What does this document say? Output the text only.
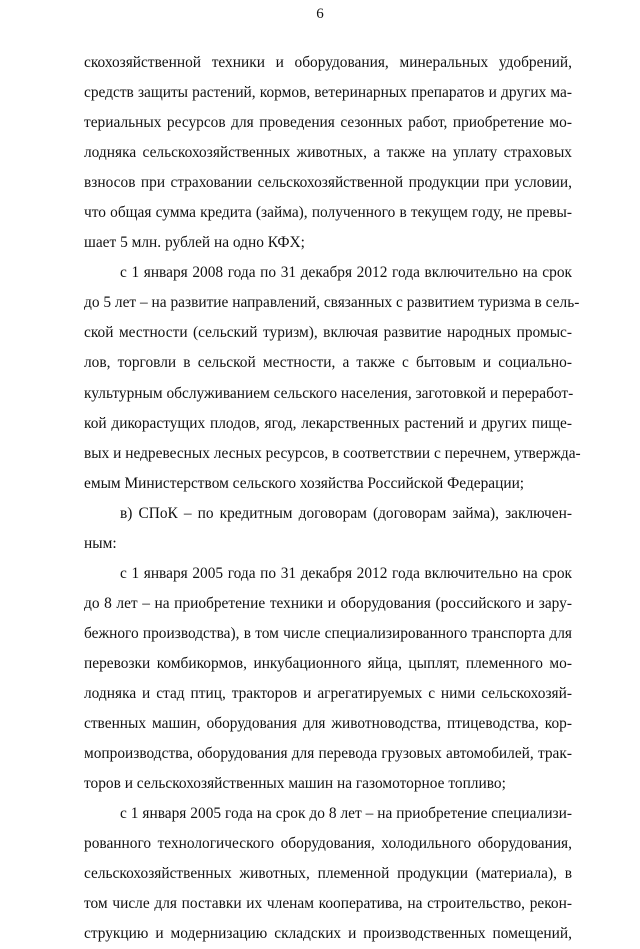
6

скохозяйственной техники и оборудования, минеральных удобрений,
средств защиты растений, кормов, ветеринарных препаратов и других ма-
териальных ресурсов для проведения сезонных работ, приобретение мо-
лодняка сельскохозяйственных животных, а также на уплату страховых
взносов при страховании сельскохозяйственной продукции при условии,
что общая сумма кредита (займа), полученного в текущем году, не превы-
шает 5 млн. рублей на одно КФХ;

с 1 января 2008 года по 31 декабря 2012 года включительно на срок
до 5 лет – на развитие направлений, связанных с развитием туризма в сель-
ской местности (сельский туризм), включая развитие народных промыс-
лов, торговли в сельской местности, а также с бытовым и социально-
культурным обслуживанием сельского населения, заготовкой и переработ-
кой дикорастущих плодов, ягод, лекарственных растений и других пище-
вых и недревесных лесных ресурсов, в соответствии с перечнем, утвержда-
емым Министерством сельского хозяйства Российской Федерации;

в) СПоК – по кредитным договорам (договорам займа), заключен-
ным:

с 1 января 2005 года по 31 декабря 2012 года включительно на срок
до 8 лет – на приобретение техники и оборудования (российского и зару-
бежного производства), в том числе специализированного транспорта для
перевозки комбикормов, инкубационного яйца, цыплят, племенного мо-
лодняка и стад птиц, тракторов и агрегатируемых с ними сельскохозяй-
ственных машин, оборудования для животноводства, птицеводства, кор-
мопроизводства, оборудования для перевода грузовых автомобилей, трак-
торов и сельскохозяйственных машин на газомоторное топливо;

с 1 января 2005 года на срок до 8 лет – на приобретение специализи-
рованного технологического оборудования, холодильного оборудования,
сельскохозяйственных животных, племенной продукции (материала), в
том числе для поставки их членам кооператива, на строительство, рекон-
струкцию и модернизацию складских и производственных помещений,
